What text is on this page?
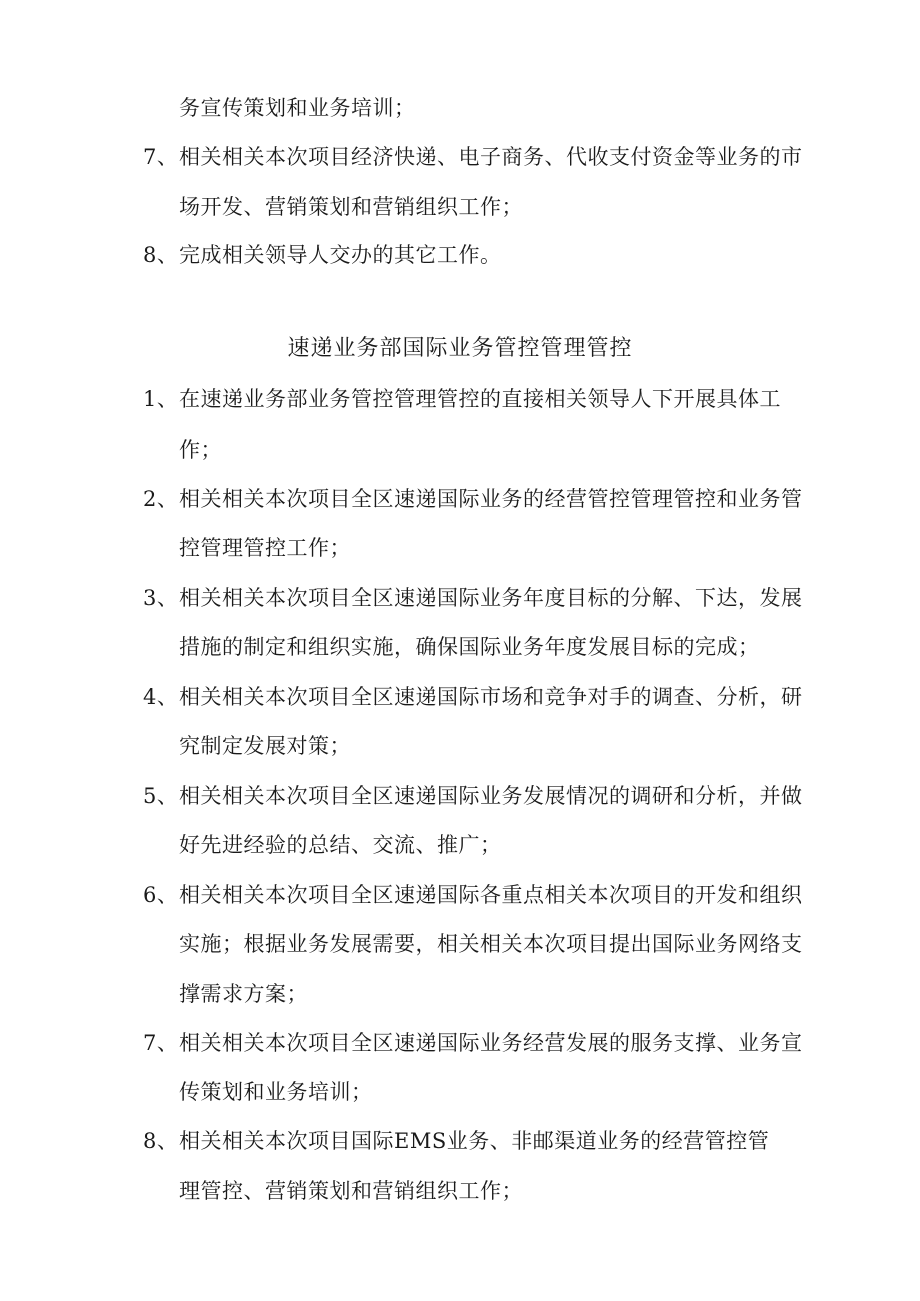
务宣传策划和业务培训；
7、 相关相关本次项目经济快递、电子商务、代收支付资金等业务的市
场开发、营销策划和营销组织工作；
8、 完成相关领导人交办的其它工作。
速递业务部国际业务管控管理管控
1、 在速递业务部业务管控管理管控的直接相关领导人下开展具体工
作；
2、 相关相关本次项目全区速递国际业务的经营管控管理管控和业务管
控管理管控工作；
3、 相关相关本次项目全区速递国际业务年度目标的分解、下达，发展
措施的制定和组织实施，确保国际业务年度发展目标的完成；
4、 相关相关本次项目全区速递国际市场和竞争对手的调查、分析，研
究制定发展对策；
5、 相关相关本次项目全区速递国际业务发展情况的调研和分析，并做
好先进经验的总结、交流、推广；
6、 相关相关本次项目全区速递国际各重点相关本次项目的开发和组织
实施；根据业务发展需要，相关相关本次项目提出国际业务网络支
撑需求方案；
7、 相关相关本次项目全区速递国际业务经营发展的服务支撑、业务宣
传策划和业务培训；
8、 相关相关本次项目国际EMS业务、非邮渠道业务的经营管控管
理管控、营销策划和营销组织工作；
